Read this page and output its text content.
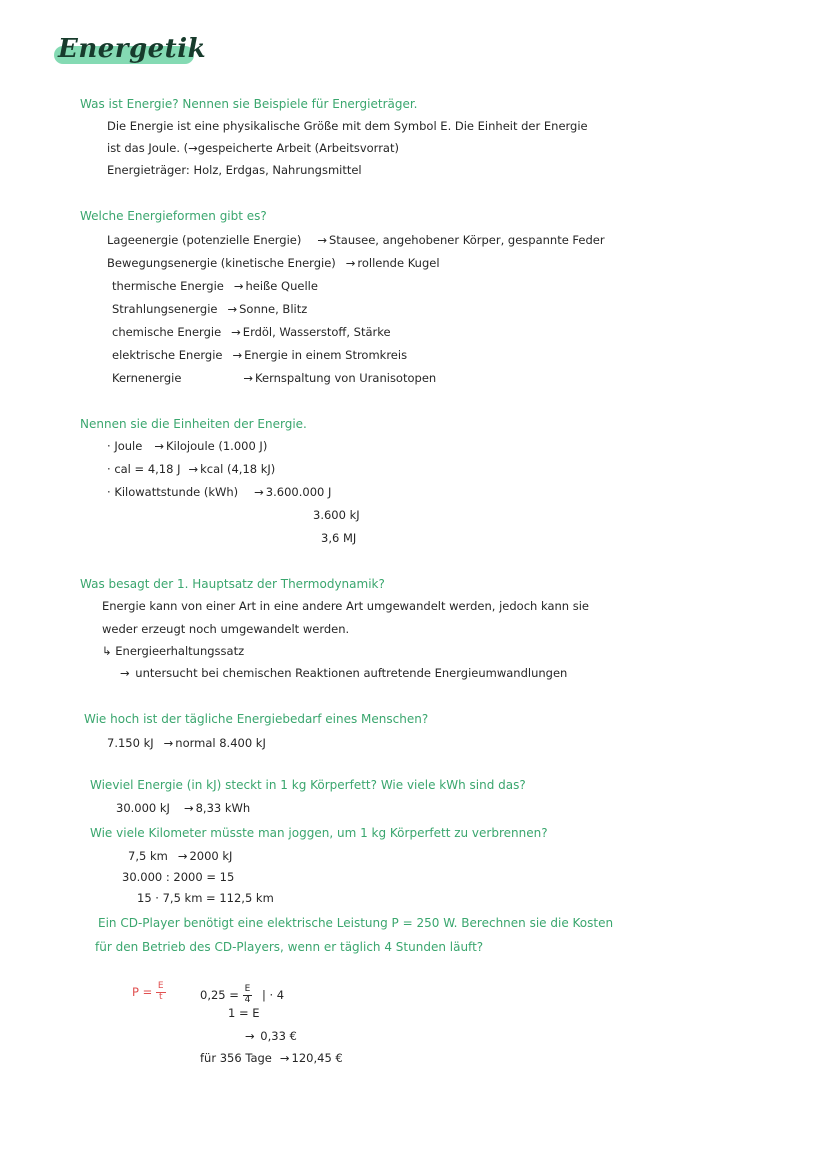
Energetik
Was ist Energie? Nennen sie Beispiele für Energieträger.
Die Energie ist eine physikalische Größe mit dem Symbol E. Die Einheit der Energie
ist das Joule. (→gespeicherte Arbeit (Arbeitsvorrat)
Energieträger: Holz, Erdgas, Nahrungsmittel
Welche Energieformen gibt es?
Lageenergie (potenzielle Energie) → Stausee, angehobener Körper, gespannte Feder
Bewegungsenergie (kinetische Energie) → rollende Kugel
thermische Energie → heiße Quelle
Strahlungsenergie → Sonne, Blitz
chemische Energie → Erdöl, Wasserstoff, Stärke
elektrische Energie → Energie in einem Stromkreis
Kernenergie	→ Kernspaltung von Uranisotopen
Nennen sie die Einheiten der Energie.
· Joule → Kilojoule (1.000 J)
· cal = 4,18 J → kcal (4,18 kJ)
· Kilowattstunde (kWh) → 3.600.000 J
3.600 kJ
3,6 MJ
Was besagt der 1. Hauptsatz der Thermodynamik?
Energie kann von einer Art in eine andere Art umgewandelt werden, jedoch kann sie
weder erzeugt noch umgewandelt werden.
↳ Energieerhaltungssatz
→ untersucht bei chemischen Reaktionen auftretende Energieumwandlungen
Wie hoch ist der tägliche Energiebedarf eines Menschen?
7.150 kJ → normal 8.400 kJ
Wieviel Energie (in kJ) steckt in 1 kg Körperfett? Wie viele kWh sind das?
30.000 kJ → 8,33 kWh
Wie viele Kilometer müsste man joggen, um 1 kg Körperfett zu verbrennen?
7,5 km → 2000 kJ
30.000 : 2000 = 15
15 · 7,5 km = 112,5 km
Ein CD-Player benötigt eine elektrische Leistung P = 250 W. Berechnen sie die Kosten
für den Betrieb des CD-Players, wenn er täglich 4 Stunden läuft?
$P = \frac{E}{t}$	$0,25 = \frac{E}{4}$ | · 4
1 = E
→ 0,33 €
für 356 Tage → 120,45 €
